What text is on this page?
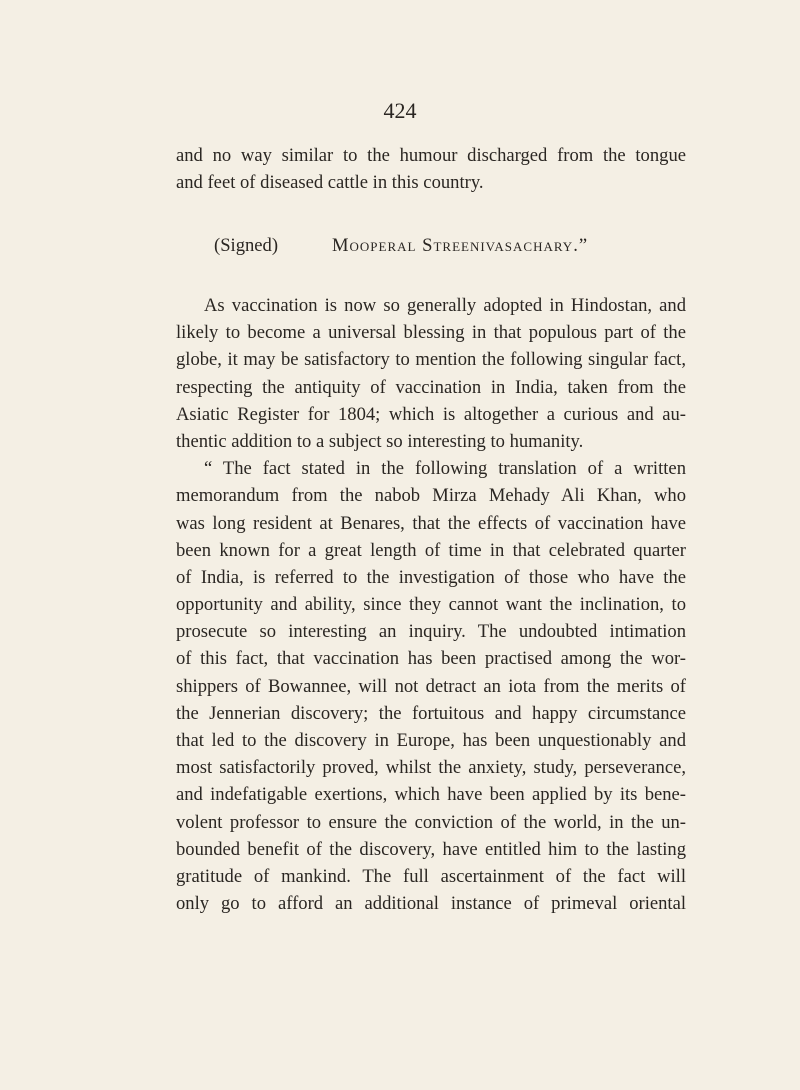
424
and no way similar to the humour discharged from the tongue
and feet of diseased cattle in this country.
(Signed)	Mooperal Streenivasachary.”
As vaccination is now so generally adopted in Hindostan, and
likely to become a universal blessing in that populous part of the
globe, it may be satisfactory to mention the following singular fact,
respecting the antiquity of vaccination in India, taken from the
Asiatic Register for 1804; which is altogether a curious and au-
thentic addition to a subject so interesting to humanity.
“ The fact stated in the following translation of a written
memorandum from the nabob Mirza Mehady Ali Khan, who
was long resident at Benares, that the effects of vaccination have
been known for a great length of time in that celebrated quarter
of India, is referred to the investigation of those who have the
opportunity and ability, since they cannot want the inclination, to
prosecute so interesting an inquiry. The undoubted intimation
of this fact, that vaccination has been practised among the wor-
shippers of Bowannee, will not detract an iota from the merits of
the Jennerian discovery; the fortuitous and happy circumstance
that led to the discovery in Europe, has been unquestionably and
most satisfactorily proved, whilst the anxiety, study, perseverance,
and indefatigable exertions, which have been applied by its bene-
volent professor to ensure the conviction of the world, in the un-
bounded benefit of the discovery, have entitled him to the lasting
gratitude of mankind. The full ascertainment of the fact will
only go to afford an additional instance of primeval oriental
